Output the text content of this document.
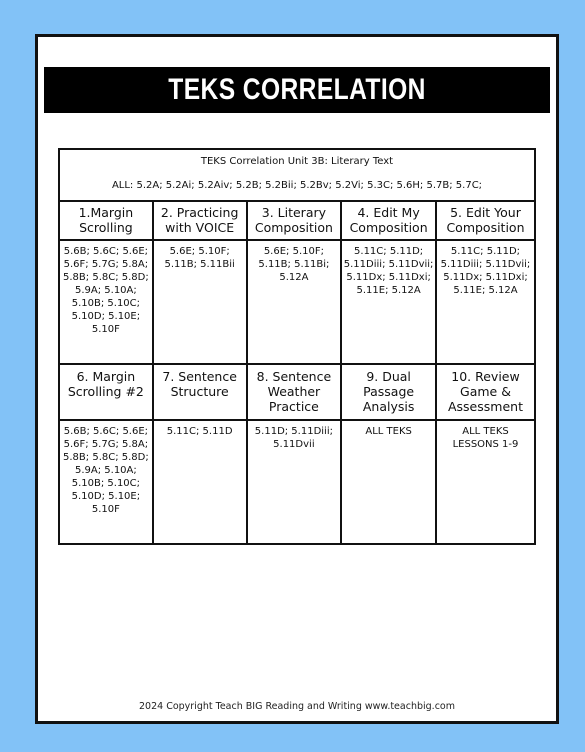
TEKS CORRELATION
TEKS Correlation Unit 3B: Literary Text
ALL: 5.2A; 5.2Ai; 5.2Aiv; 5.2B; 5.2Bii; 5.2Bv; 5.2Vi; 5.3C; 5.6H; 5.7B; 5.7C;				

1.Margin Scrolling	2. Practicing with VOICE	3. Literary Composition	4. Edit My Composition	5. Edit Your Composition
5.6B; 5.6C; 5.6E; 5.6F; 5.7G; 5.8A; 5.8B; 5.8C; 5.8D; 5.9A; 5.10A; 5.10B; 5.10C; 5.10D; 5.10E; 5.10F	5.6E; 5.10F; 5.11B; 5.11Bii	5.6E; 5.10F; 5.11B; 5.11Bi; 5.12A	5.11C; 5.11D; 5.11Diii; 5.11Dvii; 5.11Dx; 5.11Dxi; 5.11E; 5.12A	5.11C; 5.11D; 5.11Diii; 5.11Dvii; 5.11Dx; 5.11Dxi; 5.11E; 5.12A
6. Margin Scrolling #2	7. Sentence Structure	8. Sentence Weather Practice	9. Dual Passage Analysis	10. Review Game & Assessment
5.6B; 5.6C; 5.6E; 5.6F; 5.7G; 5.8A; 5.8B; 5.8C; 5.8D; 5.9A; 5.10A; 5.10B; 5.10C; 5.10D; 5.10E; 5.10F	5.11C; 5.11D	5.11D; 5.11Diii; 5.11Dvii	ALL TEKS	ALL TEKS LESSONS 1-9
2024 Copyright Teach BIG Reading and Writing www.teachbig.com
